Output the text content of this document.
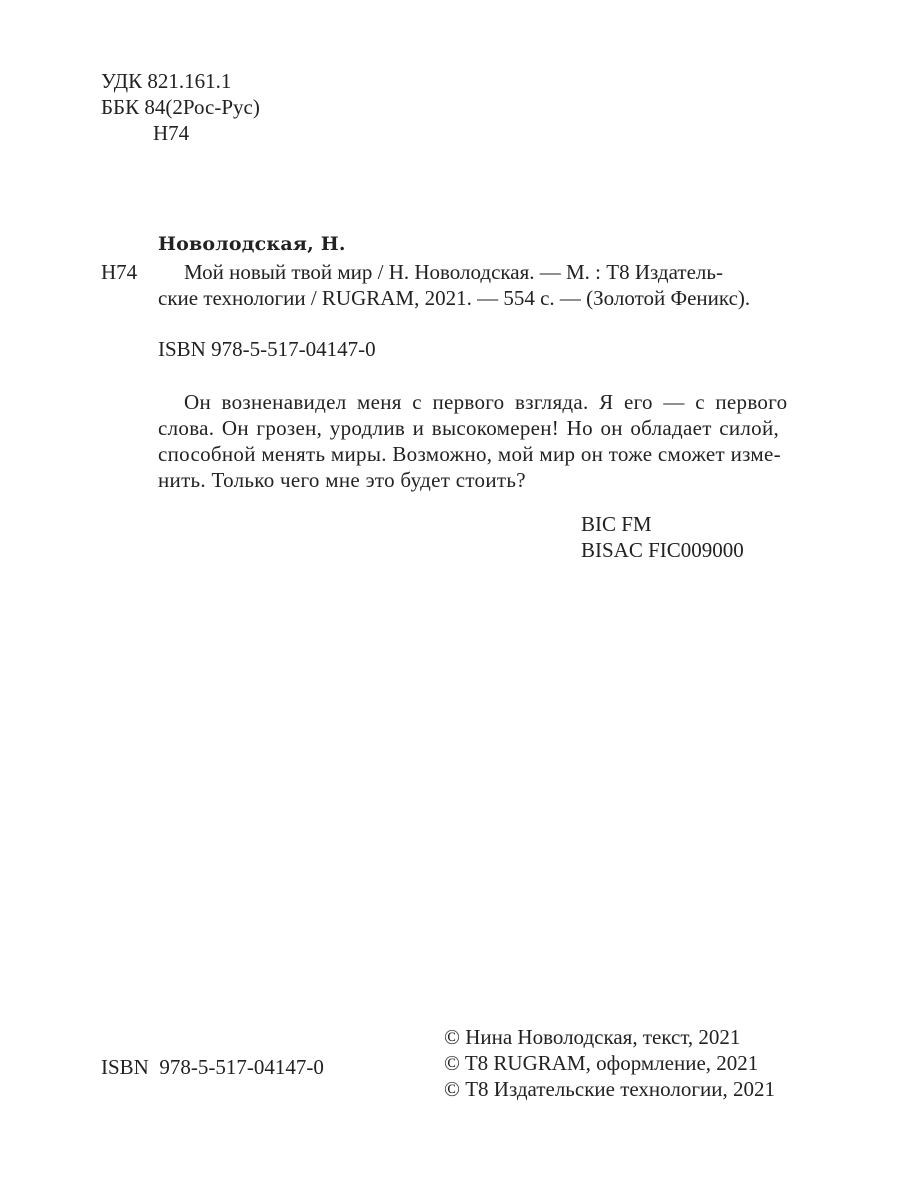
УДК 821.161.1
ББК 84(2Рос-Рус)
Н74
Новолодская, Н.
Н74	Мой новый твой мир / Н. Новолодская. — М. : Т8 Издатель-
ские технологии / RUGRAM, 2021. — 554 с. — (Золотой Феникс).
ISBN 978-5-517-04147-0
Он возненавидел меня с первого взгляда. Я его — с первого
слова. Он грозен, уродлив и высокомерен! Но он обладает силой,
способной менять миры. Возможно, мой мир он тоже сможет изме-
нить. Только чего мне это будет стоить?
BIC FM
BISAC FIC009000
ISBN  978-5-517-04147-0
© Нина Новолодская, текст, 2021
© T8 RUGRAM, оформление, 2021
© Т8 Издательские технологии, 2021
